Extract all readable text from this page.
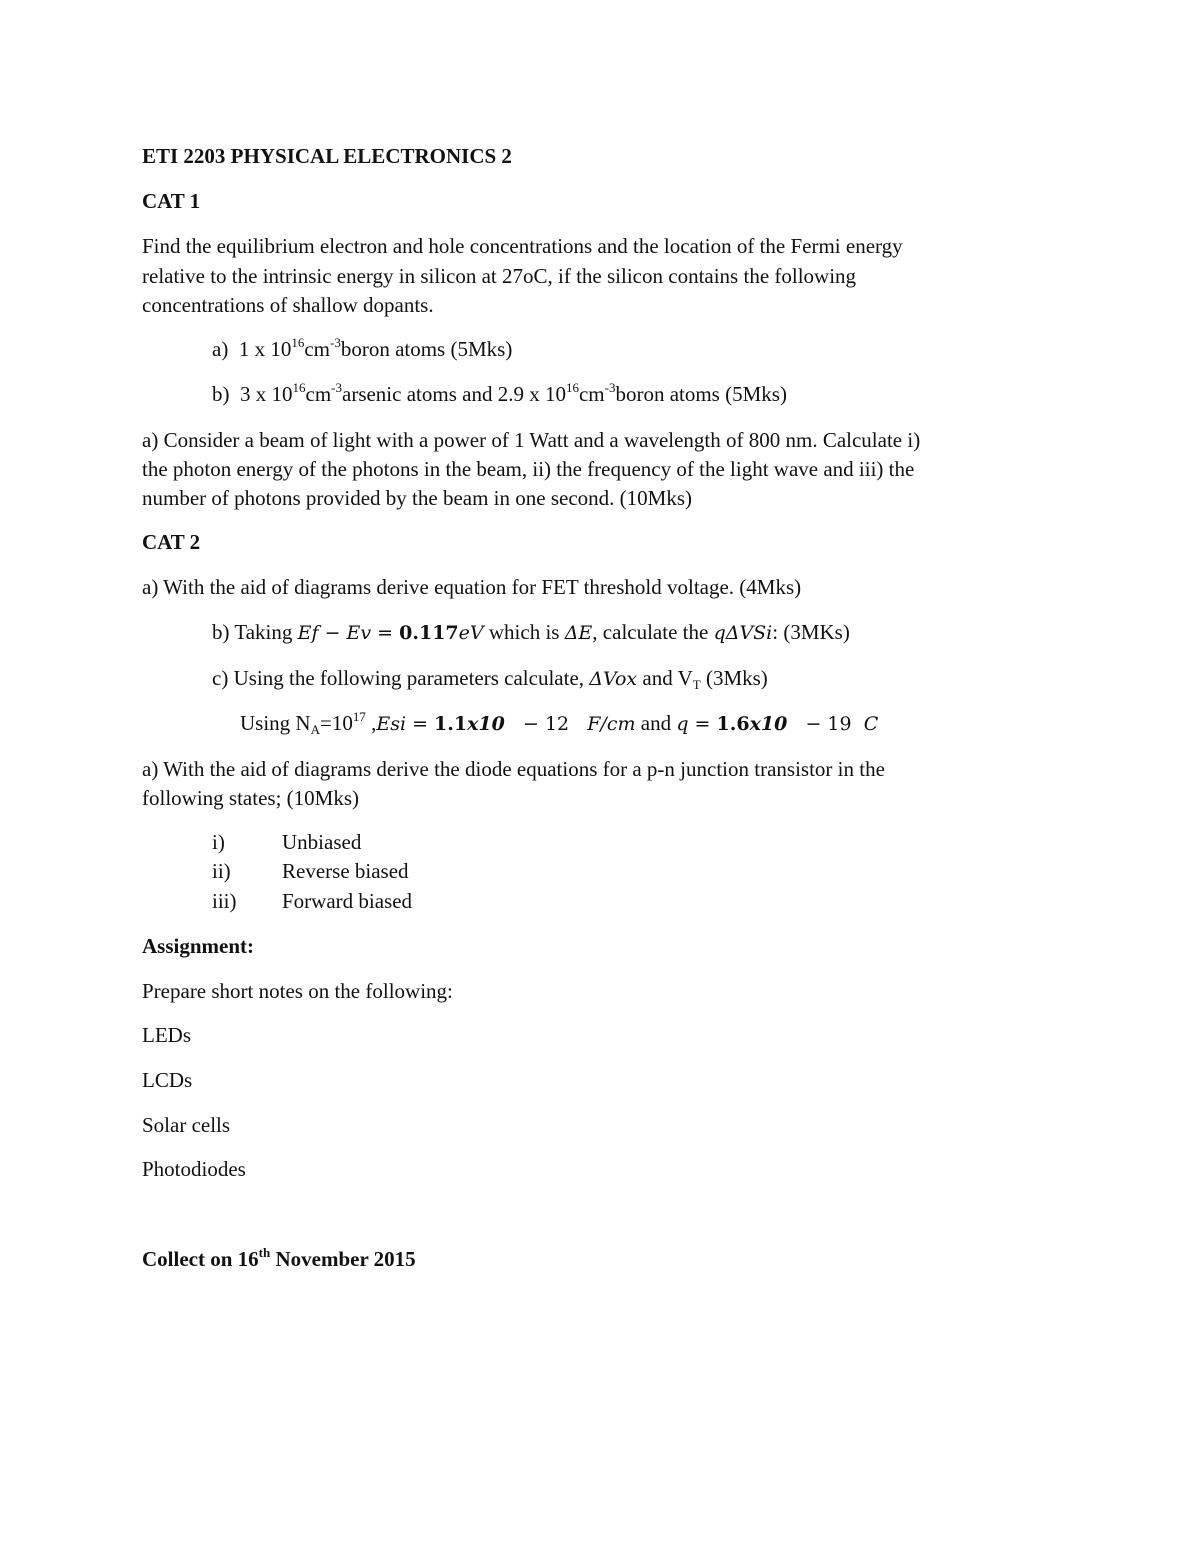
ETI 2203 PHYSICAL ELECTRONICS 2
CAT 1
Find the equilibrium electron and hole concentrations and the location of the Fermi energy
relative to the intrinsic energy in silicon at 27oC, if the silicon contains the following
concentrations of shallow dopants.
a) 1 x $10^{16}cm^{-3}boron$ atoms (5Mks)
b) 3 x $10^{16}cm^{-3}arsenic$ atoms and 2.9 x $10^{16}cm^{-3}boron$ atoms (5Mks)
a) Consider a beam of light with a power of 1 Watt and a wavelength of 800 nm. Calculate i)
the photon energy of the photons in the beam, ii) the frequency of the light wave and iii) the
number of photons provided by the beam in one second. (10Mks)
CAT 2
a) With the aid of diagrams derive equation for FET threshold voltage. (4Mks)
b) Taking Ef − Ev = 0.117eV which is ΔE, calculate the qΔVSi: (3MKs)
c) Using the following parameters calculate, ΔVox and $V_T$ (3Mks)
Using $N_A=10^{17}$ ,Esi = 1.1x10   − 12   F/cm and q = 1.6x10   − 19  C
a) With the aid of diagrams derive the diode equations for a p-n junction transistor in the
following states; (10Mks)
i)	Unbiased
ii) Reverse biased
iii) Forward biased
Assignment:
Prepare short notes on the following:
LEDs
LCDs
Solar cells
Photodiodes
Collect on 16th November 2015
